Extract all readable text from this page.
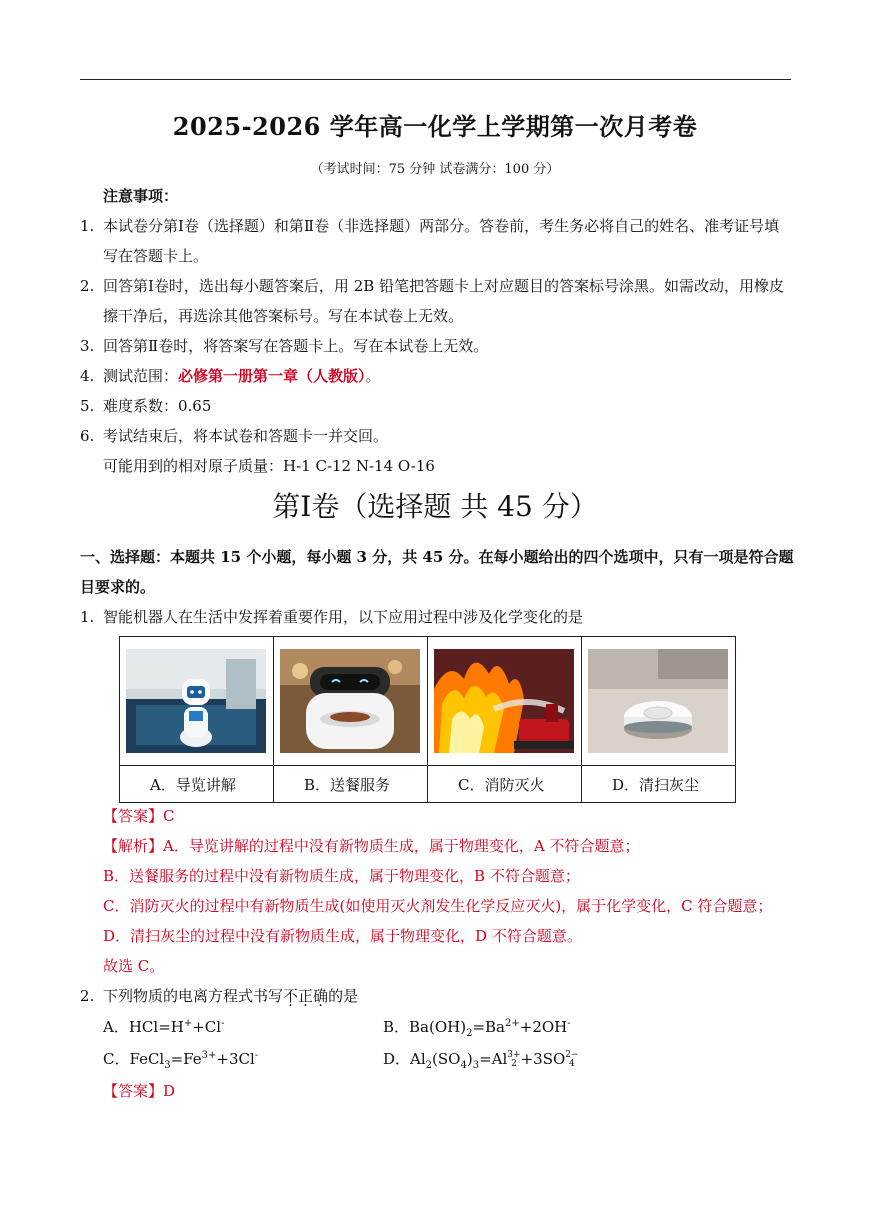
2025-2026 学年高一化学上学期第一次月考卷
（考试时间：75 分钟 试卷满分：100 分）
注意事项：
1. 本试卷分第Ⅰ卷（选择题）和第Ⅱ卷（非选择题）两部分。答卷前，考生务必将自己的姓名、准考证号填
写在答题卡上。
2. 回答第Ⅰ卷时，选出每小题答案后，用 2B 铅笔把答题卡上对应题目的答案标号涂黑。如需改动，用橡皮
擦干净后，再选涂其他答案标号。写在本试卷上无效。
3. 回答第Ⅱ卷时，将答案写在答题卡上。写在本试卷上无效。
4. 测试范围：必修第一册第一章（人教版）。
5. 难度系数：0.65
6. 考试结束后，将本试卷和答题卡一并交回。
可能用到的相对原子质量：H-1 C-12 N-14 O-16
第Ⅰ卷（选择题 共 45 分）
一、选择题：本题共 15 个小题，每小题 3 分，共 45 分。在每小题给出的四个选项中，只有一项是符合题
目要求的。
1. 智能机器人在生活中发挥着重要作用，以下应用过程中涉及化学变化的是

A．导览讲解	B．送餐服务	C．消防灭火	D．清扫灰尘
【答案】C
【解析】A．导览讲解的过程中没有新物质生成，属于物理变化，A 不符合题意；
B．送餐服务的过程中没有新物质生成，属于物理变化，B 不符合题意；
C．消防灭火的过程中有新物质生成(如使用灭火剂发生化学反应灭火)，属于化学变化，C 符合题意；
D．清扫灰尘的过程中没有新物质生成，属于物理变化，D 不符合题意。
故选 C。
2. 下列物质的电离方程式书写不正确的是
A．HCl=H++Cl-	B．$Ba(OH)_2=Ba^{2+}+2OH^-$
C．$FeCl_3=Fe^{3+}+3Cl^-$	D．$Al_2(SO_4)_3=Al3+$
2 +3SO2−
4
【答案】D
